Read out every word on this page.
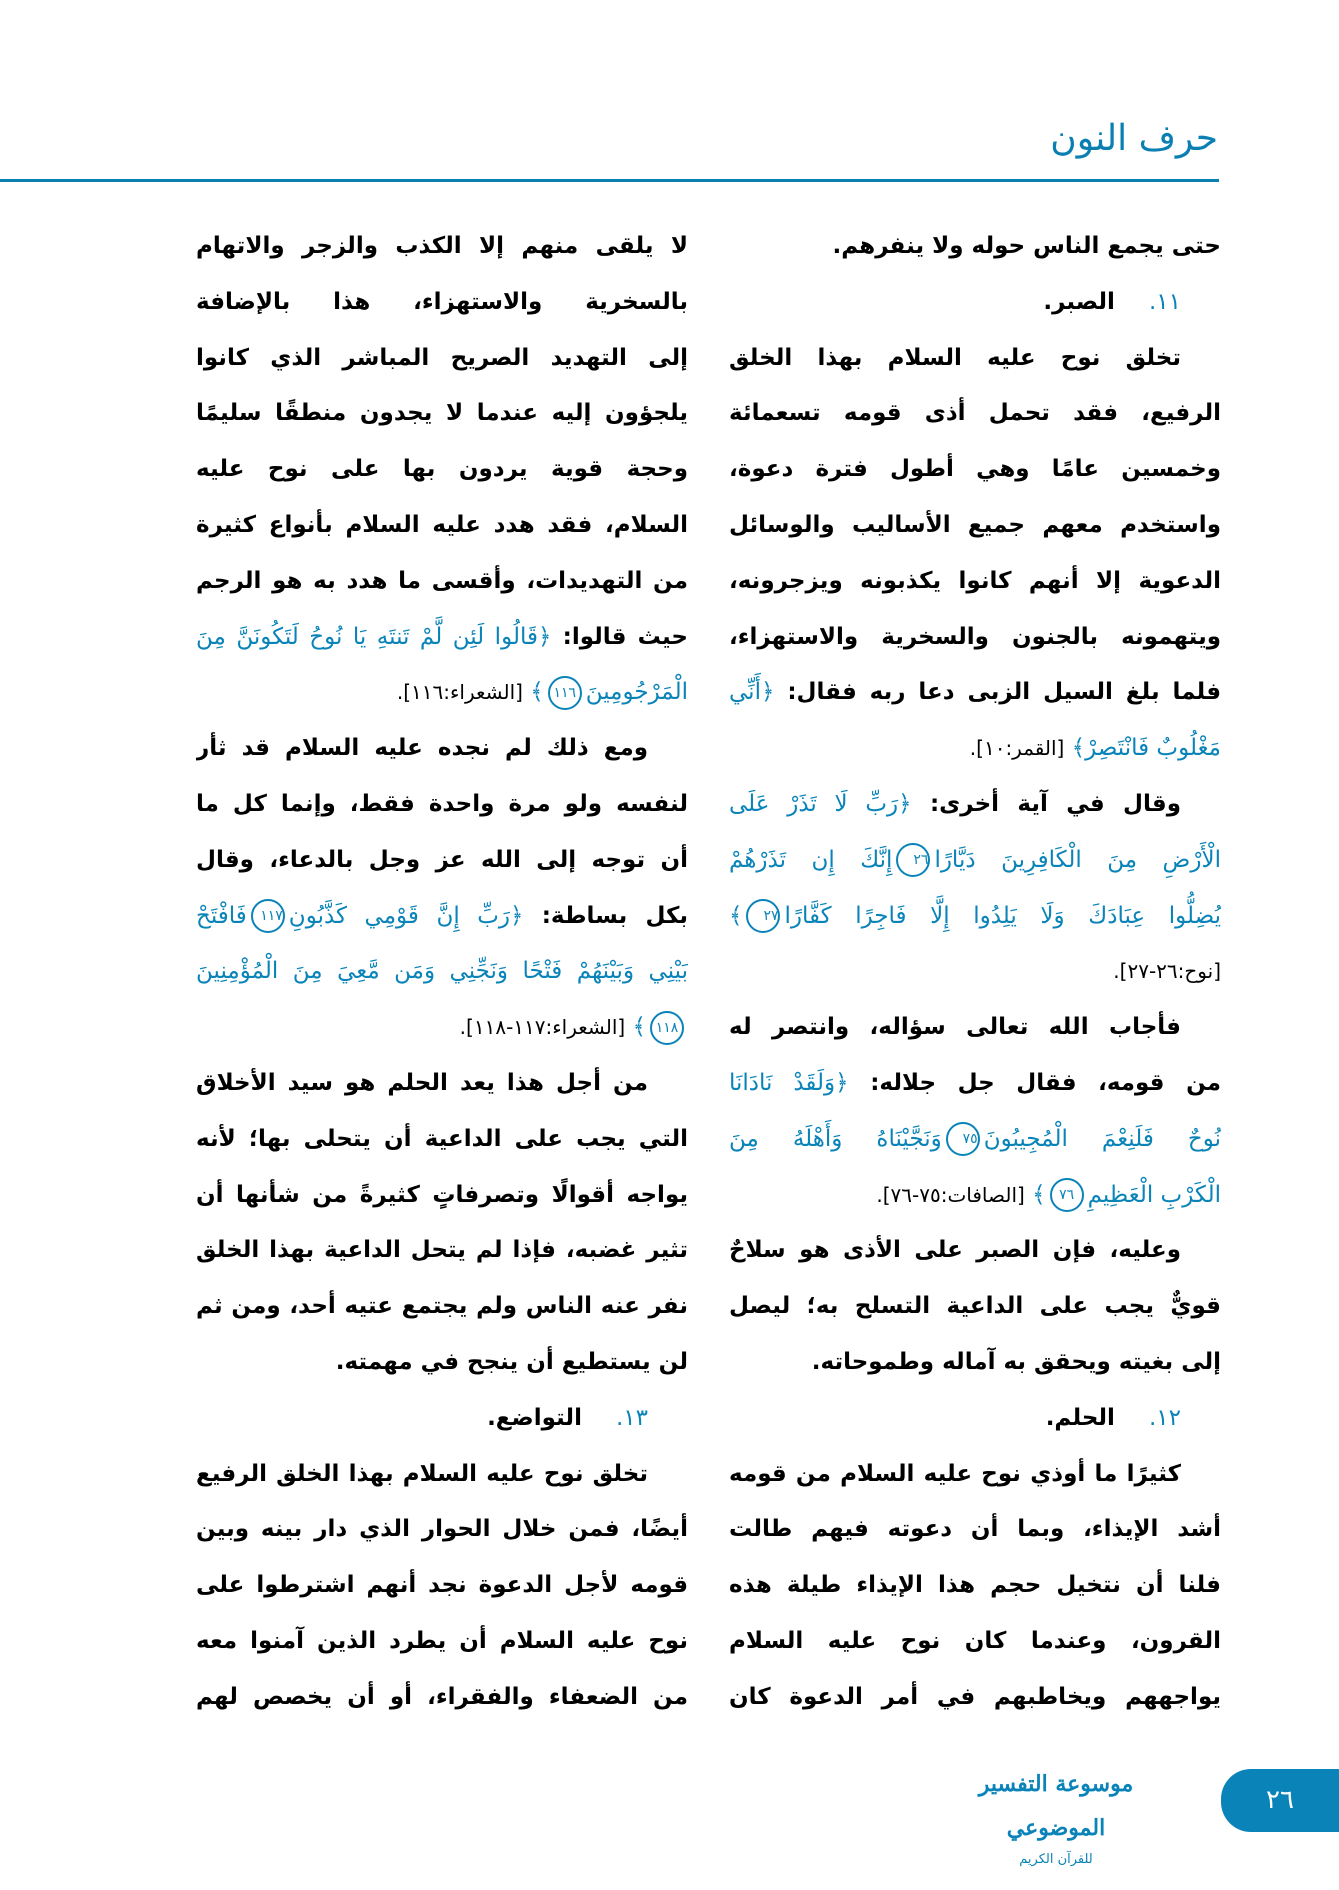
حرف النون
حتى يجمع الناس حوله ولا ينفرهم.
١١. الصبر.
تخلق نوح عليه السلام بهذا الخلق
الرفيع، فقد تحمل أذى قومه تسعمائة
وخمسين عامًا وهي أطول فترة دعوة،
واستخدم معهم جميع الأساليب والوسائل
الدعوية إلا أنهم كانوا يكذبونه ويزجرونه،
ويتهمونه بالجنون والسخرية والاستهزاء،
فلما بلغ السيل الزبى دعا ربه فقال: ﴿أَنِّي
مَغْلُوبٌ فَانْتَصِرْ﴾ [القمر:١٠].
وقال في آية أخرى: ﴿رَبِّ لَا تَذَرْ عَلَى
الْأَرْضِ مِنَ الْكَافِرِينَ دَيَّارًا٢٦إِنَّكَ إِن تَذَرْهُمْ
يُضِلُّوا عِبَادَكَ وَلَا يَلِدُوا إِلَّا فَاجِرًا كَفَّارًا٢٧﴾
[نوح:٢٦-٢٧].
فأجاب الله تعالى سؤاله، وانتصر له
من قومه، فقال جل جلاله: ﴿وَلَقَدْ نَادَانَا
نُوحٌ فَلَنِعْمَ الْمُجِيبُونَ٧٥وَنَجَّيْنَاهُ وَأَهْلَهُ مِنَ
الْكَرْبِ الْعَظِيمِ٧٦﴾ [الصافات:٧٥-٧٦].
وعليه، فإن الصبر على الأذى هو سلاحٌ
قويٌّ يجب على الداعية التسلح به؛ ليصل
إلى بغيته ويحقق به آماله وطموحاته.
١٢. الحلم.
كثيرًا ما أوذي نوح عليه السلام من قومه
أشد الإيذاء، وبما أن دعوته فيهم طالت
فلنا أن نتخيل حجم هذا الإيذاء طيلة هذه
القرون، وعندما كان نوح عليه السلام
يواجههم ويخاطبهم في أمر الدعوة كان
لا يلقى منهم إلا الكذب والزجر والاتهام
بالسخرية والاستهزاء، هذا بالإضافة
إلى التهديد الصريح المباشر الذي كانوا
يلجؤون إليه عندما لا يجدون منطقًا سليمًا
وحجة قوية يردون بها على نوح عليه
السلام، فقد هدد عليه السلام بأنواع كثيرة
من التهديدات، وأقسى ما هدد به هو الرجم
حيث قالوا: ﴿قَالُوا لَئِن لَّمْ تَنتَهِ يَا نُوحُ لَتَكُونَنَّ مِنَ
الْمَرْجُومِينَ١١٦﴾ [الشعراء:١١٦].
ومع ذلك لم نجده عليه السلام قد ثأر
لنفسه ولو مرة واحدة فقط، وإنما كل ما
أن توجه إلى الله عز وجل بالدعاء، وقال
بكل بساطة: ﴿رَبِّ إِنَّ قَوْمِي كَذَّبُونِ١١٧فَافْتَحْ
بَيْنِي وَبَيْنَهُمْ فَتْحًا وَنَجِّنِي وَمَن مَّعِيَ مِنَ الْمُؤْمِنِينَ
١١٨﴾ [الشعراء:١١٧-١١٨].
من أجل هذا يعد الحلم هو سيد الأخلاق
التي يجب على الداعية أن يتحلى بها؛ لأنه
يواجه أقوالًا وتصرفاتٍ كثيرةً من شأنها أن
تثير غضبه، فإذا لم يتحل الداعية بهذا الخلق
نفر عنه الناس ولم يجتمع عتيه أحد، ومن ثم
لن يستطيع أن ينجح في مهمته.
١٣. التواضع.
تخلق نوح عليه السلام بهذا الخلق الرفيع
أيضًا، فمن خلال الحوار الذي دار بينه وبين
قومه لأجل الدعوة نجد أنهم اشترطوا على
نوح عليه السلام أن يطرد الذين آمنوا معه
من الضعفاء والفقراء، أو أن يخصص لهم
موسوعة التفسير الموضوعي
للقرآن الكريم
٢٦
